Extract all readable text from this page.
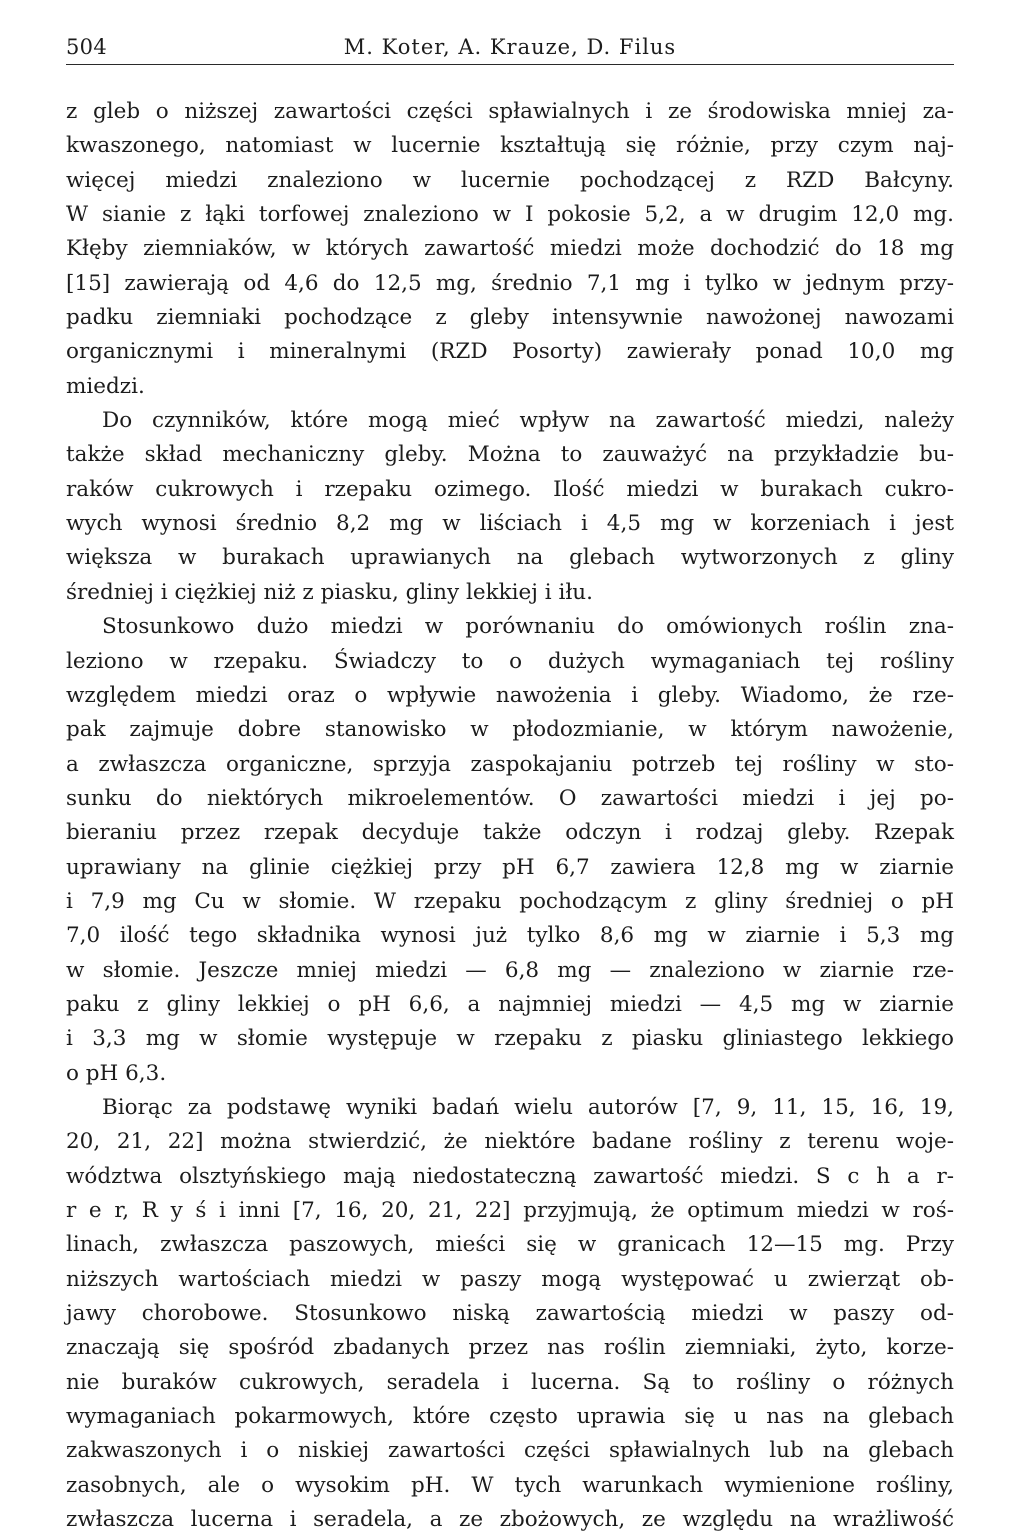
504	M. Koter, A. Krauze, D. Filus
z gleb o niższej zawartości części spławialnych i ze środowiska mniej za-
kwaszonego, natomiast w lucernie kształtują się różnie, przy czym naj-
więcej miedzi znaleziono w lucernie pochodzącej z RZD Bałcyny.
W sianie z łąki torfowej znaleziono w I pokosie 5,2, a w drugim 12,0 mg.
Kłęby ziemniaków, w których zawartość miedzi może dochodzić do 18 mg
[15] zawierają od 4,6 do 12,5 mg, średnio 7,1 mg i tylko w jednym przy-
padku ziemniaki pochodzące z gleby intensywnie nawożonej nawozami
organicznymi i mineralnymi (RZD Posorty) zawierały ponad 10,0 mg
miedzi.
Do czynników, które mogą mieć wpływ na zawartość miedzi, należy
także skład mechaniczny gleby. Można to zauważyć na przykładzie bu-
raków cukrowych i rzepaku ozimego. Ilość miedzi w burakach cukro-
wych wynosi średnio 8,2 mg w liściach i 4,5 mg w korzeniach i jest
większa w burakach uprawianych na glebach wytworzonych z gliny
średniej i ciężkiej niż z piasku, gliny lekkiej i iłu.
Stosunkowo dużo miedzi w porównaniu do omówionych roślin zna-
leziono w rzepaku. Świadczy to o dużych wymaganiach tej rośliny
względem miedzi oraz o wpływie nawożenia i gleby. Wiadomo, że rze-
pak zajmuje dobre stanowisko w płodozmianie, w którym nawożenie,
a zwłaszcza organiczne, sprzyja zaspokajaniu potrzeb tej rośliny w sto-
sunku do niektórych mikroelementów. O zawartości miedzi i jej po-
bieraniu przez rzepak decyduje także odczyn i rodzaj gleby. Rzepak
uprawiany na glinie ciężkiej przy pH 6,7 zawiera 12,8 mg w ziarnie
i 7,9 mg Cu w słomie. W rzepaku pochodzącym z gliny średniej o pH
7,0 ilość tego składnika wynosi już tylko 8,6 mg w ziarnie i 5,3 mg
w słomie. Jeszcze mniej miedzi — 6,8 mg — znaleziono w ziarnie rze-
paku z gliny lekkiej o pH 6,6, a najmniej miedzi — 4,5 mg w ziarnie
i 3,3 mg w słomie występuje w rzepaku z piasku gliniastego lekkiego
o pH 6,3.
Biorąc za podstawę wyniki badań wielu autorów [7, 9, 11, 15, 16, 19,
20, 21, 22] można stwierdzić, że niektóre badane rośliny z terenu woje-
wództwa olsztyńskiego mają niedostateczną zawartość miedzi. S c h a r-
r e r, R y ś i inni [7, 16, 20, 21, 22] przyjmują, że optimum miedzi w roś-
linach, zwłaszcza paszowych, mieści się w granicach 12—15 mg. Przy
niższych wartościach miedzi w paszy mogą występować u zwierząt ob-
jawy chorobowe. Stosunkowo niską zawartością miedzi w paszy od-
znaczają się spośród zbadanych przez nas roślin ziemniaki, żyto, korze-
nie buraków cukrowych, seradela i lucerna. Są to rośliny o różnych
wymaganiach pokarmowych, które często uprawia się u nas na glebach
zakwaszonych i o niskiej zawartości części spławialnych lub na glebach
zasobnych, ale o wysokim pH. W tych warunkach wymienione rośliny,
zwłaszcza lucerna i seradela, a ze zbożowych, ze względu na wrażliwość
